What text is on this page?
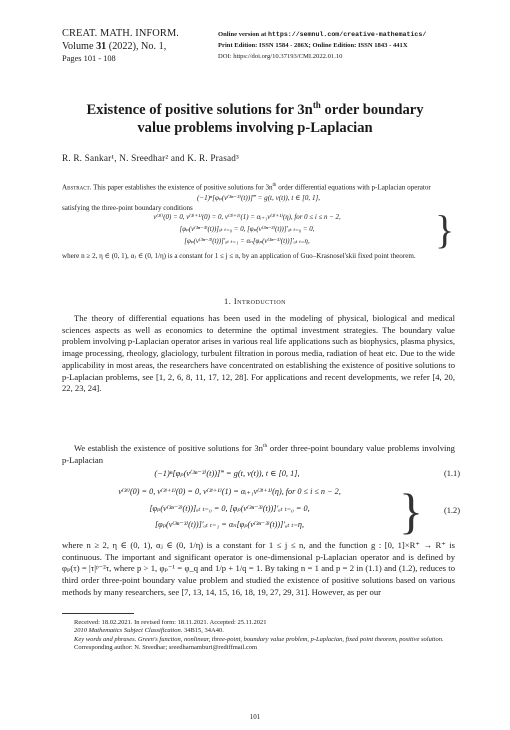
CREAT. MATH. INFORM.
Volume 31 (2022), No. 1,
Pages 101 - 108
Online version at https://semnul.com/creative-mathematics/
Print Edition: ISSN 1584 - 286X; Online Edition: ISSN 1843 - 441X
DOI: https://doi.org/10.37193/CMI.2022.01.10
Existence of positive solutions for $3n^{th}$ order boundary
value problems involving p-Laplacian
R. R. Sankar¹, N. Sreedhar² and K. R. Prasad³
Abstract. This paper establishes the existence of positive solutions for $3n^{th}$ order differential equations with p-Laplacian operator
(−1)ⁿ[φₚ(v⁽³ⁿ⁻³⁾(t))]‴ = g(t, v(t)), t ∈ [0, 1],
satisfying the three-point boundary conditions
v⁽³ⁱ⁾(0) = 0, v⁽³ⁱ⁺¹⁾(0) = 0, v⁽³ⁱ⁺¹⁾(1) = αᵢ₊₁v⁽³ⁱ⁺¹⁾(η), for 0 ≤ i ≤ n − 2,
[φₚ(v⁽³ⁿ⁻³⁾(t))]ₐₜ ₜ₌₀ = 0, [φₚ(v⁽³ⁿ⁻³⁾(t))]′ₐₜ ₜ₌₀ = 0,
[φₚ(v⁽³ⁿ⁻³⁾(t))]′ₐₜ ₜ₌₁ = αₙ[φₚ(v⁽³ⁿ⁻³⁾(t))]′ₐₜ ₜ₌η,	}
where n ≥ 2, η ∈ (0, 1), αⱼ ∈ (0, 1/η) is a constant for 1 ≤ j ≤ n, by an application of Guo–Krasnosel'skii fixed point theorem.
1. Introduction
The theory of differential equations has been used in the modeling of physical, biological and medical sciences aspects as well as economics to determine the optimal investment strategies. The boundary value problem involving p-Laplacian operator arises in various real life applications such as biophysics, plasma physics, image processing, rheology, glaciology, turbulent filtration in porous media, radiation of heat etc. Due to the wide applicability in most areas, the researchers have concentrated on establishing the existence of positive solutions to p-Laplacian problems, see [1, 2, 6, 8, 11, 17, 12, 28]. For applications and recent developments, we refer [4, 20, 22, 23, 24].
We establish the existence of positive solutions for $3n^{th}$ order three-point boundary value problems involving p-Laplacian
(−1)ⁿ[φₚ(v⁽³ⁿ⁻³⁾(t))]‴ = g(t, v(t)), t ∈ [0, 1],	(1.1)
v⁽³ⁱ⁾(0) = 0, v⁽³ⁱ⁺¹⁾(0) = 0, v⁽³ⁱ⁺¹⁾(1) = αᵢ₊₁v⁽³ⁱ⁺¹⁾(η), for 0 ≤ i ≤ n − 2,
[φₚ(v⁽³ⁿ⁻³⁾(t))]ₐₜ ₜ₌₀ = 0, [φₚ(v⁽³ⁿ⁻³⁾(t))]′ₐₜ ₜ₌₀ = 0,
[φₚ(v⁽³ⁿ⁻³⁾(t))]′ₐₜ ₜ₌₁ = αₙ[φₚ(v⁽³ⁿ⁻³⁾(t))]′ₐₜ ₜ₌η,	}	(1.2)
where n ≥ 2, η ∈ (0, 1), αⱼ ∈ (0, 1/η) is a constant for 1 ≤ j ≤ n, and the function g : [0, 1]×R⁺ → R⁺ is continuous. The important and significant operator is one-dimensional p-Laplacian operator and is defined by φₚ(τ) = |τ|ᵖ⁻²τ, where p > 1, φₚ⁻¹ = φ_q and 1/p + 1/q = 1. By taking n = 1 and p = 2 in (1.1) and (1.2), reduces to third order three-point boundary value problem and studied the existence of positive solutions based on various methods by many researchers, see [7, 13, 14, 15, 16, 18, 19, 27, 29, 31]. However, as per our
Received: 18.02.2021. In revised form: 18.11.2021. Accepted: 25.11.2021
2010 Mathematics Subject Classification. 34B15, 34A40.
Key words and phrases. Green's function, nonlinear, three-point, boundary value problem, p-Laplacian, fixed point theorem, positive solution.
Corresponding author: N. Sreedhar; sreedharnamburi@rediffmail.com
101
